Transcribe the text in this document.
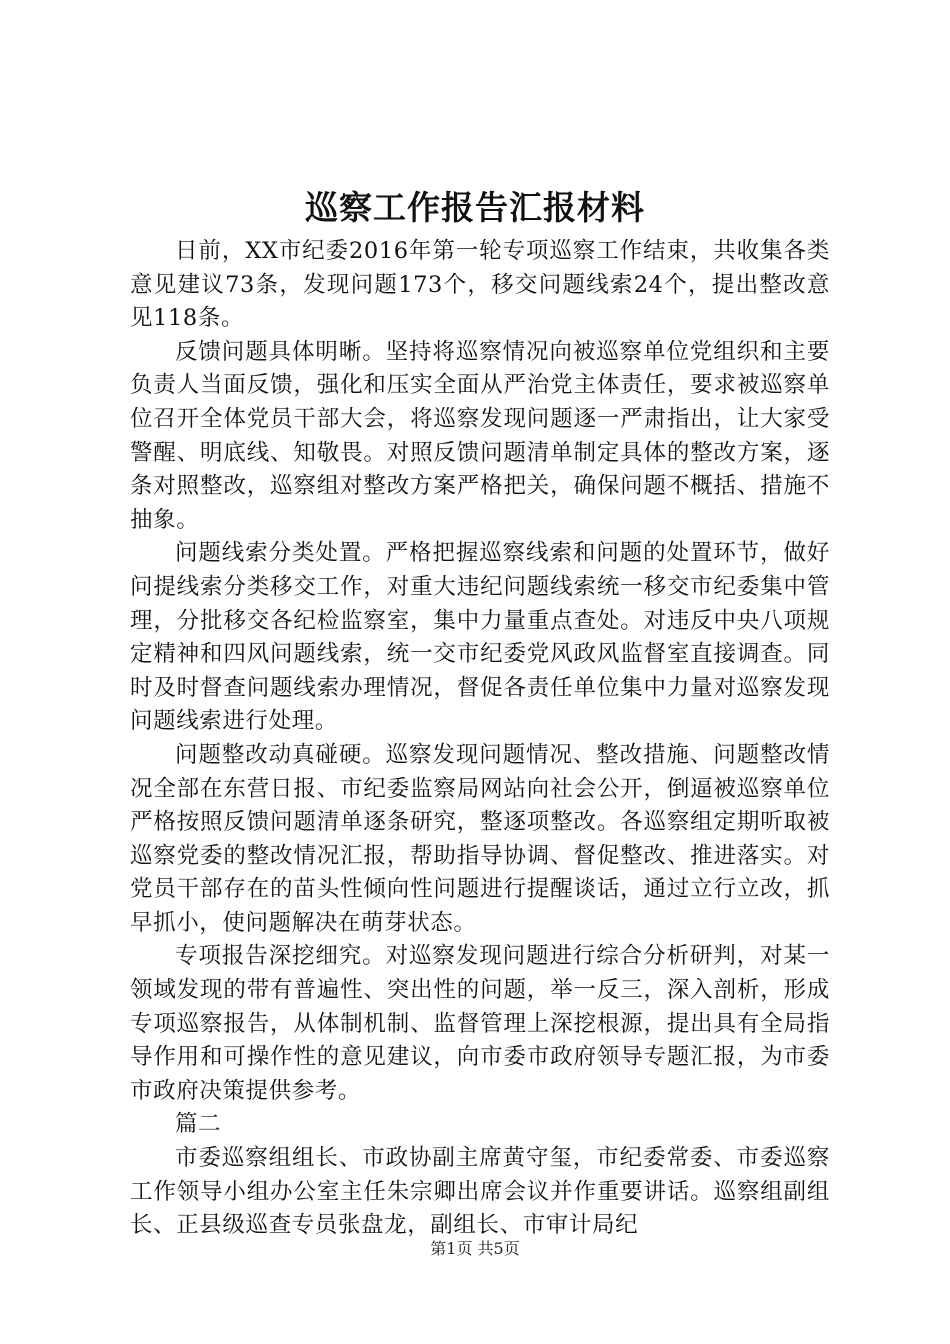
巡察工作报告汇报材料

日前，XX市纪委2016年第一轮专项巡察工作结束，共收集各类意见建议73条，发现问题173个，移交问题线索24个，提出整改意见118条。

反馈问题具体明晰。坚持将巡察情况向被巡察单位党组织和主要负责人当面反馈，强化和压实全面从严治党主体责任，要求被巡察单位召开全体党员干部大会，将巡察发现问题逐一严肃指出，让大家受警醒、明底线、知敬畏。对照反馈问题清单制定具体的整改方案，逐条对照整改，巡察组对整改方案严格把关，确保问题不概括、措施不抽象。

问题线索分类处置。严格把握巡察线索和问题的处置环节，做好问提线索分类移交工作，对重大违纪问题线索统一移交市纪委集中管理，分批移交各纪检监察室，集中力量重点查处。对违反中央八项规定精神和四风问题线索，统一交市纪委党风政风监督室直接调查。同时及时督查问题线索办理情况，督促各责任单位集中力量对巡察发现问题线索进行处理。

问题整改动真碰硬。巡察发现问题情况、整改措施、问题整改情况全部在东营日报、市纪委监察局网站向社会公开，倒逼被巡察单位严格按照反馈问题清单逐条研究，整逐项整改。各巡察组定期听取被巡察党委的整改情况汇报，帮助指导协调、督促整改、推进落实。对党员干部存在的苗头性倾向性问题进行提醒谈话，通过立行立改，抓早抓小，使问题解决在萌芽状态。

专项报告深挖细究。对巡察发现问题进行综合分析研判，对某一领域发现的带有普遍性、突出性的问题，举一反三，深入剖析，形成专项巡察报告，从体制机制、监督管理上深挖根源，提出具有全局指导作用和可操作性的意见建议，向市委市政府领导专题汇报，为市委市政府决策提供参考。

篇二

市委巡察组组长、市政协副主席黄守玺，市纪委常委、市委巡察工作领导小组办公室主任朱宗卿出席会议并作重要讲话。巡察组副组长、正县级巡查专员张盘龙，副组长、市审计局纪

第1页 共5页
